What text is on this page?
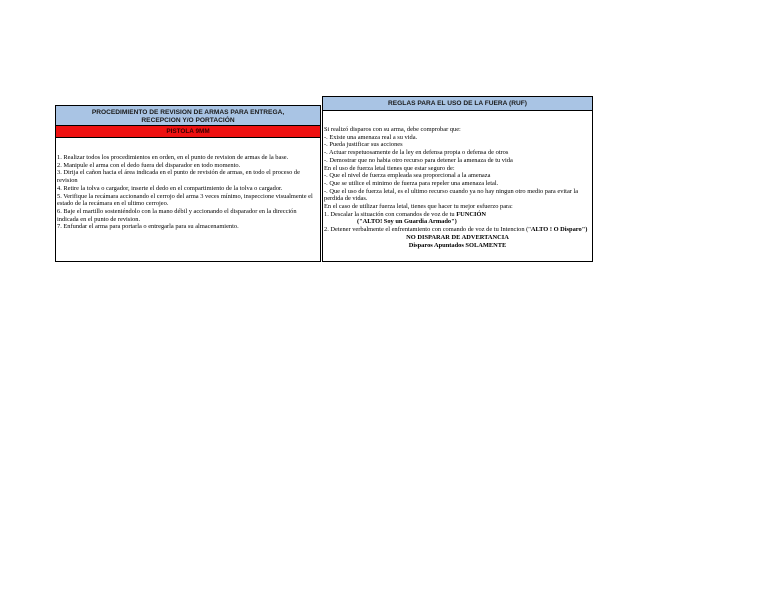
PROCEDIMIENTO DE REVISION DE ARMAS PARA ENTREGA, RECEPCION Y/O PORTACIÓN
PISTOLA 9MM
1. Realizar todos los procedimientos en orden, en el punto de revision de armas de la base.
2. Manipule el arma con el dedo fuera del disparador en todo momento.
3. Dirija el cañon hacia el área indicada en el punto de revisión de armas, en todo el proceso de revision
4. Retire la tolva o cargador, inserte el dedo en el compartimiento de la tolva o cargador.
5. Verifique la recámara accionando el cerrojo del arma 3 veces mínimo, inspeccione visualmente el estado de la recámara en el ultimo cerrojeo.
6. Baje el martillo sosteniéndolo con la mano débil y accionando el disparador en la dirección indicada en el punto de revision.
7. Enfundar el arma para portarla o entregarla para su almacenamiento.
REGLAS PARA EL USO DE LA FUERA (RUF)
Si realizó disparos con su arma, debe comprobar que:
-. Existe una amenaza real a su vida.
-. Pueda justificar sus acciones
-. Actuar respetuosamente de la ley en defensa propia o defensa de otros
-. Demostrar que no habia otro recurso para detener la amenaza de tu vida
En el uso de fuerza letal tienes que estar seguro de:
-. Que el nivel de fuerza empleada sea proporcional a la amenaza
-. Que se utilice el minimo de fuerza para repeler una amenaza letal.
-. Que el uso de fuerza letal, es el ultimo recurso cuando ya no hay ningun otro medio para evitar la perdida de vidas.
En el caso de utilizar fuerza letal, tienes que hacer tu mejor esfuerzo para:
1. Descalar la situación con comandos de voz de tu FUNCIÓN
("ALTO! Soy un Guardia Armado")
2. Detener verbalmente el enfrentamiento con comando de voz de tu Intencion ("ALTO ! O Disparo")
NO DISPARAR DE ADVERTANCIA
Disparos Apuntados SOLAMENTE
